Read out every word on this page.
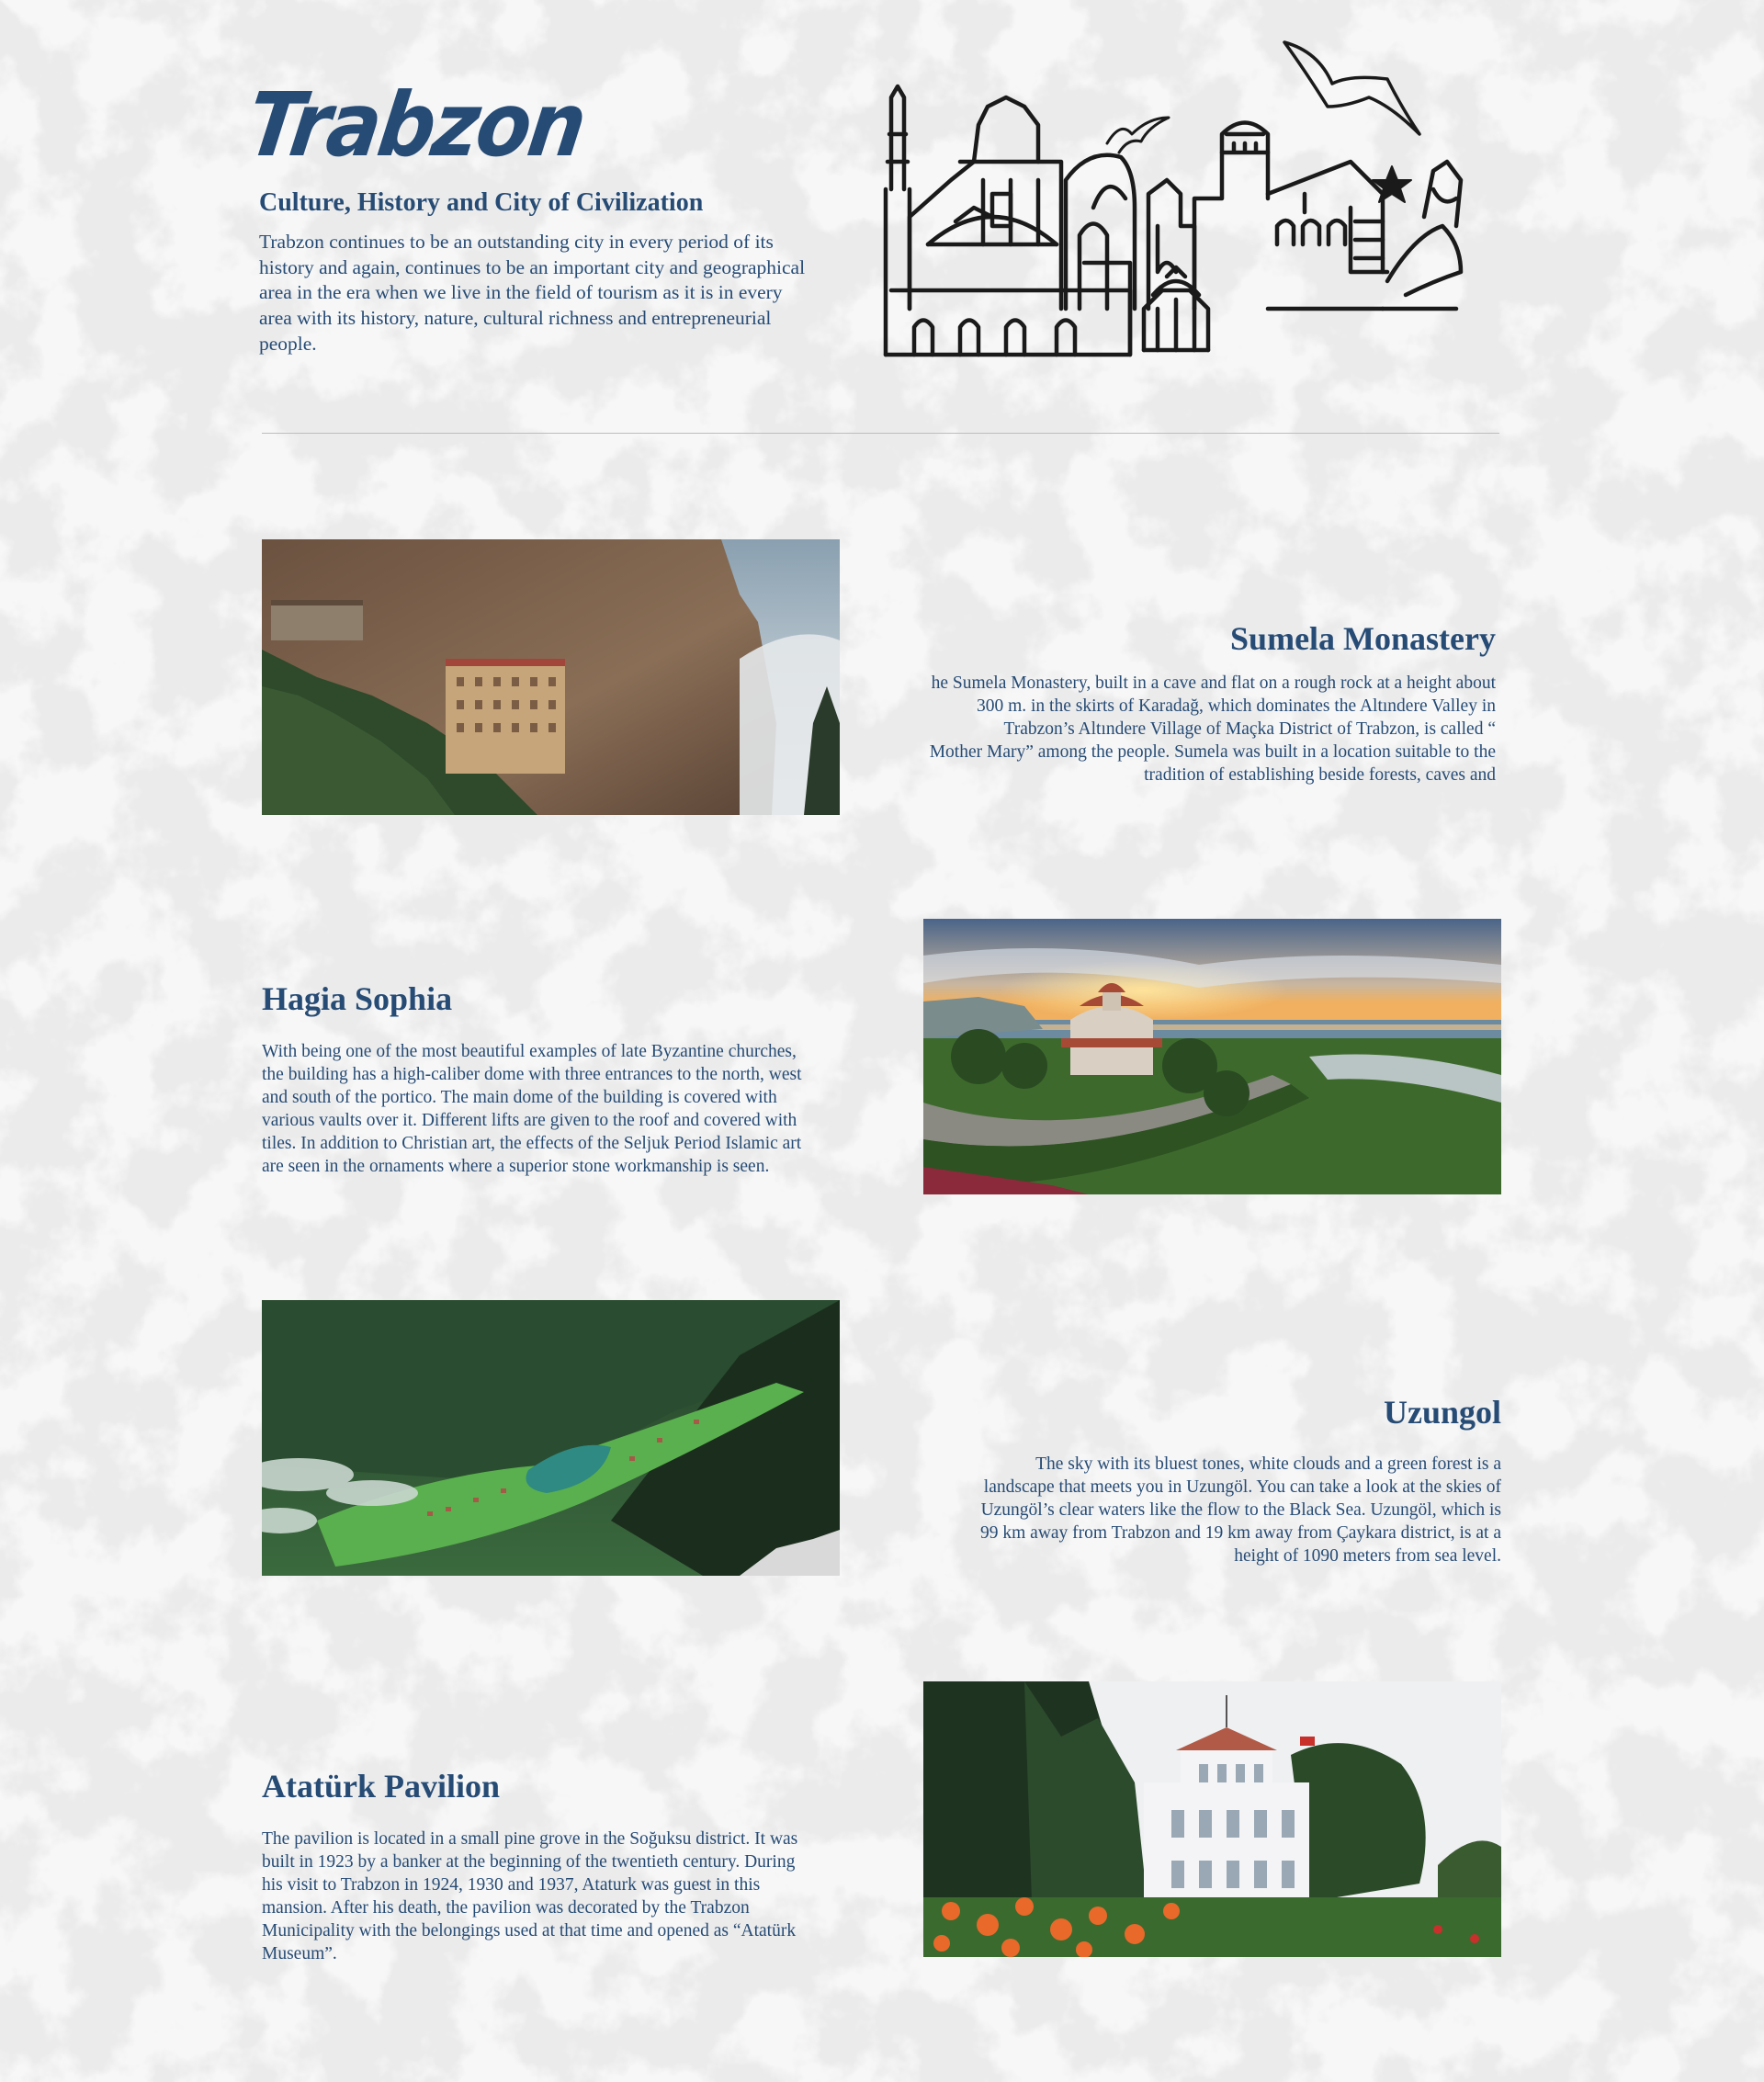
Trabzon
Culture, History and City of Civilization

Trabzon continues to be an outstanding city in every period of its history and again, continues to be an important city and geographical area in the era when we live in the field of tourism as it is in every area with its history, nature, cultural richness and entrepreneurial people.

Sumela Monastery

he Sumela Monastery, built in a cave and flat on a rough rock at a height about 300 m. in the skirts of Karadağ, which dominates the Altındere Valley in Trabzon’s Altındere Village of Maçka District of Trabzon, is called “
Mother Mary” among the people. Sumela was built in a location suitable to the tradition of establishing beside forests, caves and

Hagia Sophia

With being one of the most beautiful examples of late Byzantine churches, the building has a high-caliber dome with three entrances to the north, west and south of the portico. The main dome of the building is covered with various vaults over it. Different lifts are given to the roof and covered with tiles. In addition to Christian art, the effects of the Seljuk Period Islamic art are seen in the ornaments where a superior stone workmanship is seen.

Uzungol

The sky with its bluest tones, white clouds and a green forest is a landscape that meets you in Uzungöl. You can take a look at the skies of Uzungöl’s clear waters like the flow to the Black Sea. Uzungöl, which is 99 km away from Trabzon and 19 km away from Çaykara district, is at a height of 1090 meters from sea level.

Atatürk Pavilion

The pavilion is located in a small pine grove in the Soğuksu district. It was built in 1923 by a banker at the beginning of the twentieth century. During his visit to Trabzon in 1924, 1930 and 1937, Ataturk was guest in this mansion. After his death, the pavilion was decorated by the Trabzon Municipality with the belongings used at that time and opened as “Atatürk Museum”.
